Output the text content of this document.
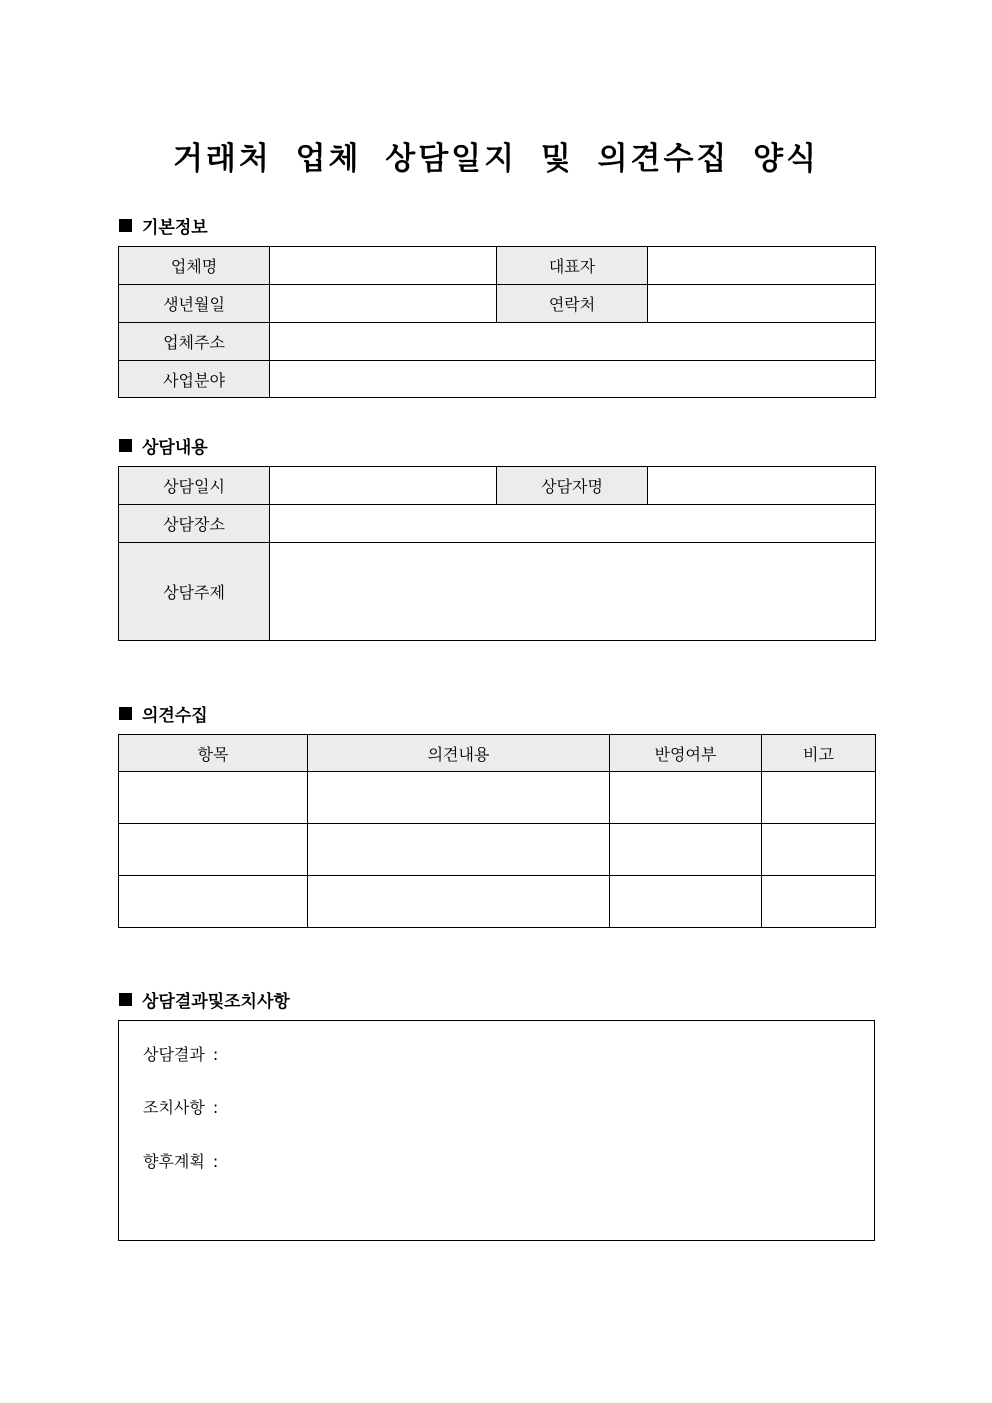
거래처 업체 상담일지 및 의견수집 양식
기본정보
업체명		대표자	
생년월일		연락처	
업체주소			
사업분야			
상담내용
상담일시		상담자명	
상담장소			
상담주제			
의견수집
항목	의견내용	반영여부	비고

상담결과및조치사항
상담결과 :
조치사항 :
향후계획 :
